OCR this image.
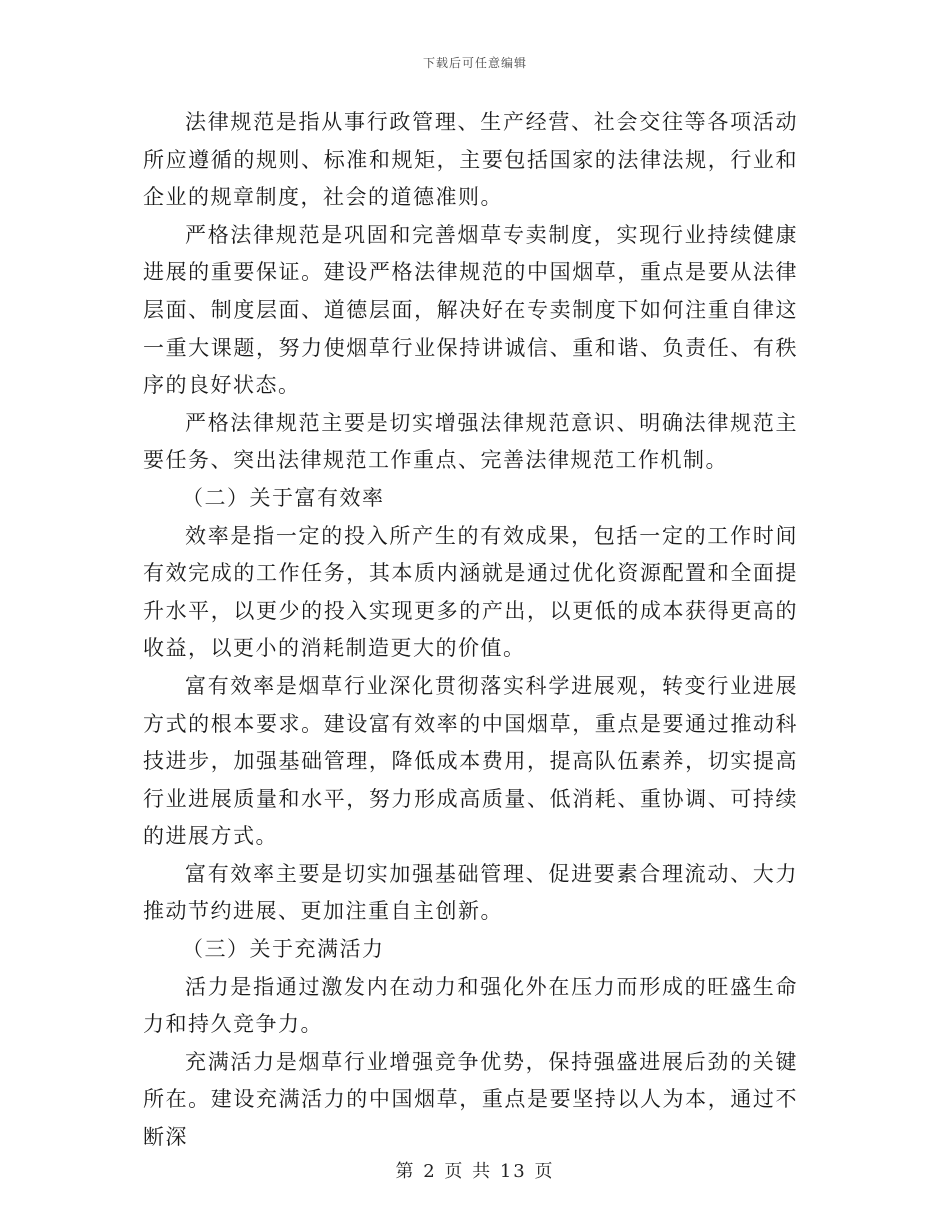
下载后可任意编辑

法律规范是指从事行政管理、生产经营、社会交往等各项活动所应遵循的规则、标准和规矩，主要包括国家的法律法规，行业和企业的规章制度，社会的道德准则。

严格法律规范是巩固和完善烟草专卖制度，实现行业持续健康进展的重要保证。建设严格法律规范的中国烟草，重点是要从法律层面、制度层面、道德层面，解决好在专卖制度下如何注重自律这一重大课题，努力使烟草行业保持讲诚信、重和谐、负责任、有秩序的良好状态。

严格法律规范主要是切实增强法律规范意识、明确法律规范主要任务、突出法律规范工作重点、完善法律规范工作机制。

（二）关于富有效率

效率是指一定的投入所产生的有效成果，包括一定的工作时间有效完成的工作任务，其本质内涵就是通过优化资源配置和全面提升水平，以更少的投入实现更多的产出，以更低的成本获得更高的收益，以更小的消耗制造更大的价值。

富有效率是烟草行业深化贯彻落实科学进展观，转变行业进展方式的根本要求。建设富有效率的中国烟草，重点是要通过推动科技进步，加强基础管理，降低成本费用，提高队伍素养，切实提高行业进展质量和水平，努力形成高质量、低消耗、重协调、可持续的进展方式。

富有效率主要是切实加强基础管理、促进要素合理流动、大力推动节约进展、更加注重自主创新。

（三）关于充满活力

活力是指通过激发内在动力和强化外在压力而形成的旺盛生命力和持久竞争力。

充满活力是烟草行业增强竞争优势，保持强盛进展后劲的关键所在。建设充满活力的中国烟草，重点是要坚持以人为本，通过不断深

第 2 页 共 13 页
